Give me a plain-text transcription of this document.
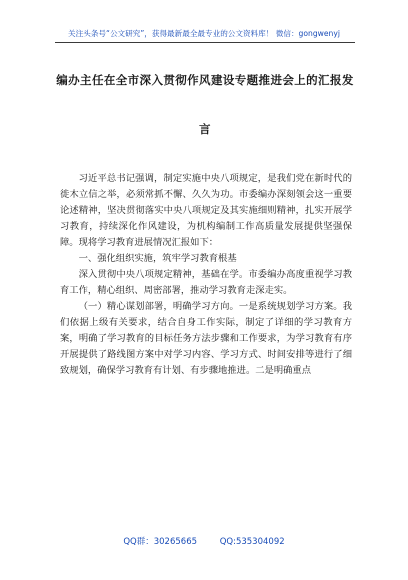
关注头条号“公文研究”，获得最新最全最专业的公文资料库！ 微信：gongwenyj
编办主任在全市深入贯彻作风建设专题推进会上的汇报发
言

习近平总书记强调，制定实施中央八项规定，是我们党在新时代的徙木立信之举，必须常抓不懈、久久为功。市委编办深刻领会这一重要论述精神，坚决贯彻落实中央八项规定及其实施细则精神，扎实开展学习教育，持续深化作风建设，为机构编制工作高质量发展提供坚强保障。现将学习教育进展情况汇报如下：

一、强化组织实施，筑牢学习教育根基

深入贯彻中央八项规定精神，基础在学。市委编办高度重视学习教育工作，精心组织、周密部署，推动学习教育走深走实。

（一）精心谋划部署，明确学习方向。一是系统规划学习方案。我们依据上级有关要求，结合自身工作实际，制定了详细的学习教育方案，明确了学习教育的目标任务方法步骤和工作要求，为学习教育有序开展提供了路线图方案中对学习内容、学习方式、时间安排等进行了细致规划，确保学习教育有计划、有步骤地推进。二是明确重点

QQ群：30265665	QQ:535304092
